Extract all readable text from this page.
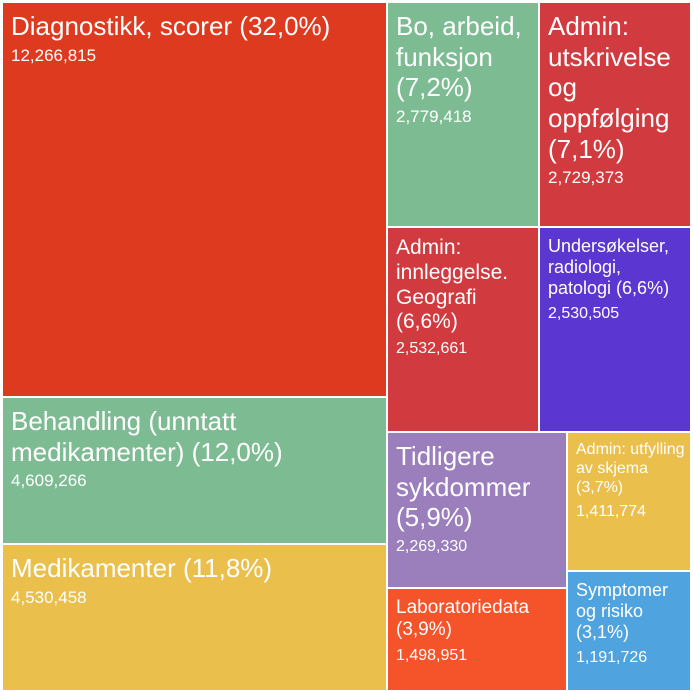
Diagnostikk, scorer (32,0%)
12,266,815
Behandling (unntatt medikamenter) (12,0%)
4,609,266
Medikamenter (11,8%)
4,530,458
Bo, arbeid, funksjon (7,2%)
2,779,418
Admin: utskrivelse og oppfølging (7,1%)
2,729,373
Admin: innleggelse. Geografi (6,6%)
2,532,661
Undersøkelser, radiologi, patologi (6,6%)
2,530,505
Tidligere sykdommer (5,9%)
2,269,330
Admin: utfylling av skjema (3,7%)
1,411,774
Laboratoriedata (3,9%)
1,498,951
Symptomer og risiko (3,1%)
1,191,726
